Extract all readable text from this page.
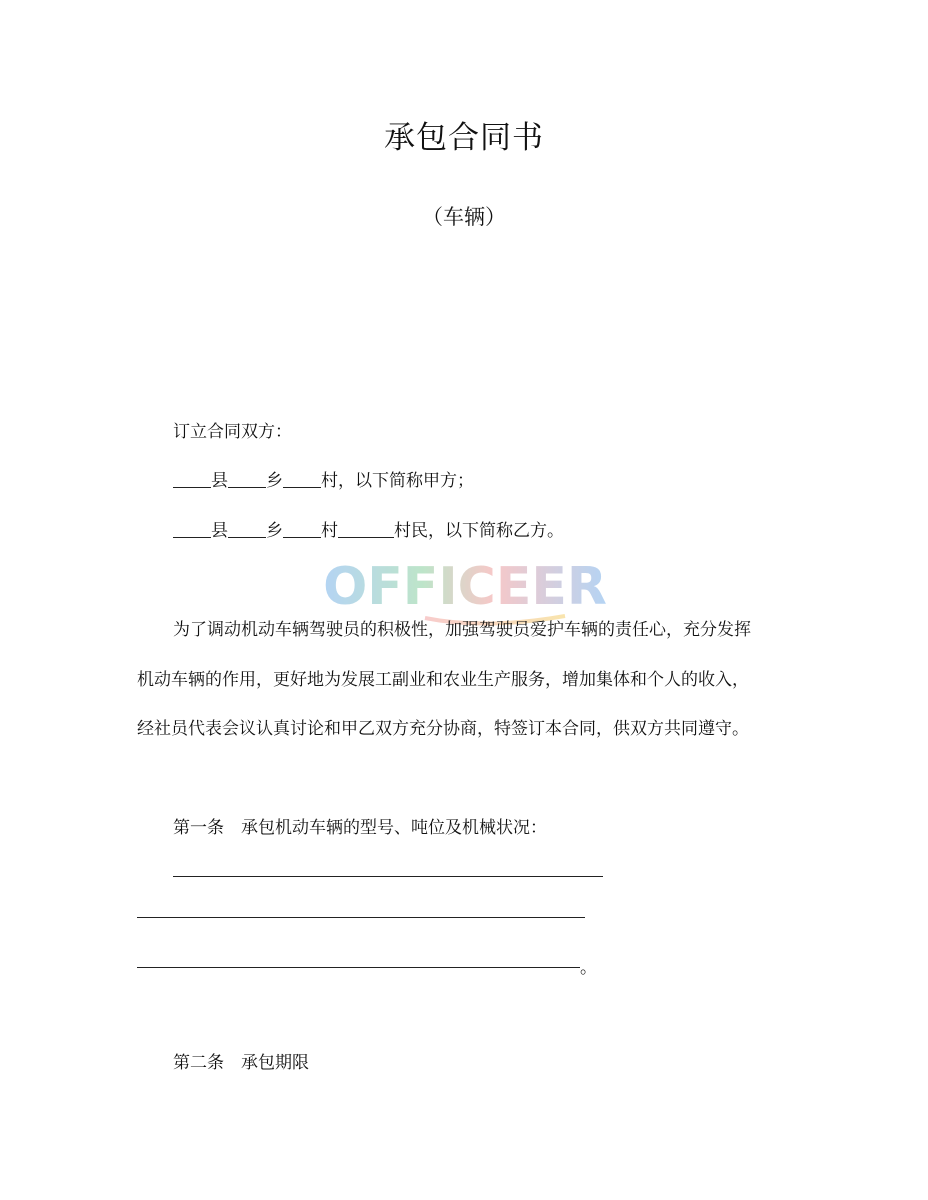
承包合同书
（车辆）
订立合同双方：
县 乡 村，以下简称甲方；
县 乡 村	村民，以下简称乙方。
OFFICEER
为了调动机动车辆驾驶员的积极性，加强驾驶员爱护车辆的责任心，充分发挥
机动车辆的作用，更好地为发展工副业和农业生产服务，增加集体和个人的收入，
经社员代表会议认真讨论和甲乙双方充分协商，特签订本合同，供双方共同遵守。
第一条　承包机动车辆的型号、吨位及机械状况：
。
第二条　承包期限
